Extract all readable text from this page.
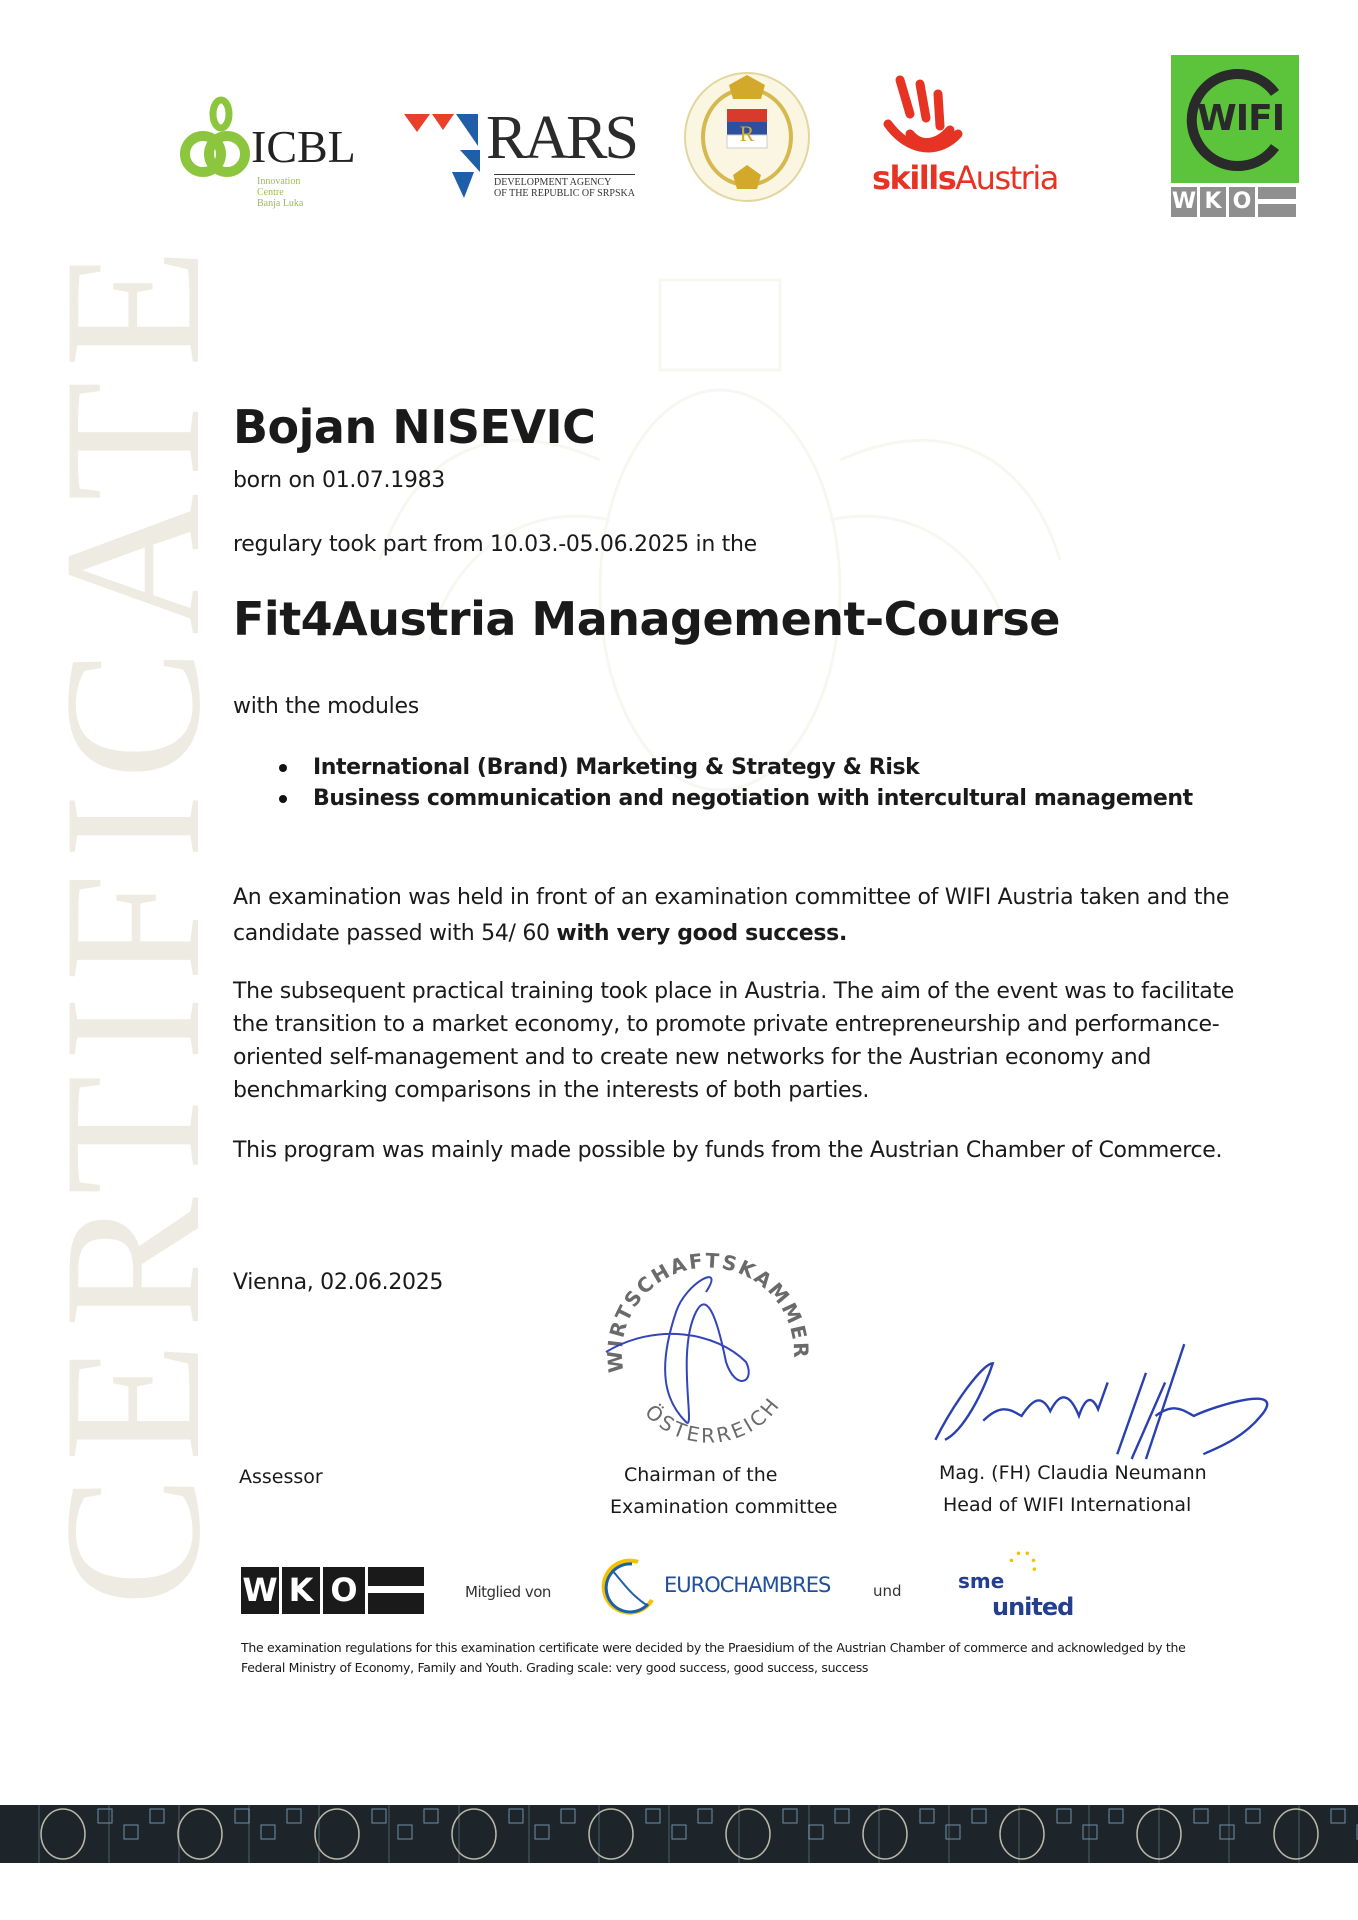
CERTIFICATE
ICBL
Innovation
Centre
Banja Luka
RARS
DEVELOPMENT AGENCY
OF THE REPUBLIC OF SRPSKA
R
skillsAustria
WIFI
W K O
Bojan NISEVIC
born on 01.07.1983
regulary took part from 10.03.-05.06.2025 in the
Fit4Austria Management-Course
with the modules
International (Brand) Marketing & Strategy & Risk
Business communication and negotiation with intercultural management
An examination was held in front of an examination committee of WIFI Austria taken and the
candidate passed with 54/ 60 with very good success.
The subsequent practical training took place in Austria. The aim of the event was to facilitate
the transition to a market economy, to promote private entrepreneurship and performance-
oriented self-management and to create new networks for the Austrian economy and
benchmarking comparisons in the interests of both parties.
This program was mainly made possible by funds from the Austrian Chamber of Commerce.
Vienna, 02.06.2025
WIRTSCHAFTSKAMMER
ÖSTERREICH
Assessor	Chairman of the
Examination committee
Mag. (FH) Claudia Neumann
Head of WIFI International
W K O	Mitglied von	EUROCHAMBRES	und	sme
united
The examination regulations for this examination certificate were decided by the Praesidium of the Austrian Chamber of commerce and acknowledged by the
Federal Ministry of Economy, Family and Youth. Grading scale: very good success, good success, success
